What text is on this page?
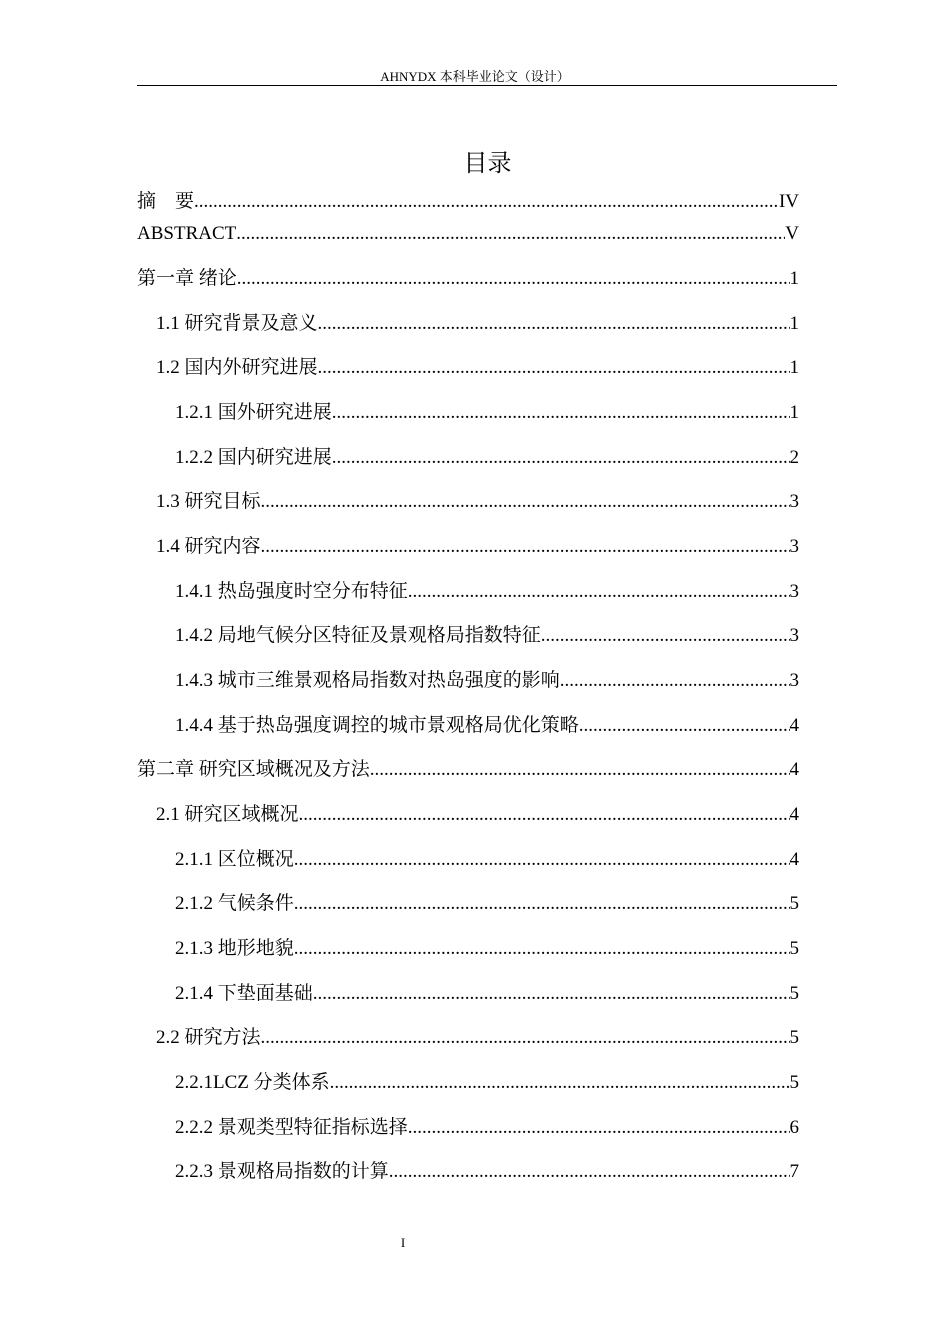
AHNYDX 本科毕业论文（设计）
目录
摘　要 .....	IV
ABSTRACT .....	V
第一章 绪论 .....	1
1.1 研究背景及意义 .....	1
1.2 国内外研究进展 .....	1
1.2.1 国外研究进展 .....	1
1.2.2 国内研究进展 .....	2
1.3 研究目标 .....	3
1.4 研究内容 .....	3
1.4.1 热岛强度时空分布特征 .....	3
1.4.2 局地气候分区特征及景观格局指数特征 .....	3
1.4.3 城市三维景观格局指数对热岛强度的影响 .....	3
1.4.4 基于热岛强度调控的城市景观格局优化策略 .....	4
第二章 研究区域概况及方法 .....	4
2.1 研究区域概况 .....	4
2.1.1 区位概况 .....	4
2.1.2 气候条件 .....	5
2.1.3 地形地貌 .....	5
2.1.4 下垫面基础 .....	5
2.2 研究方法 .....	5
2.2.1LCZ 分类体系 .....	5
2.2.2 景观类型特征指标选择 .....	6
2.2.3 景观格局指数的计算 .....	7
I
